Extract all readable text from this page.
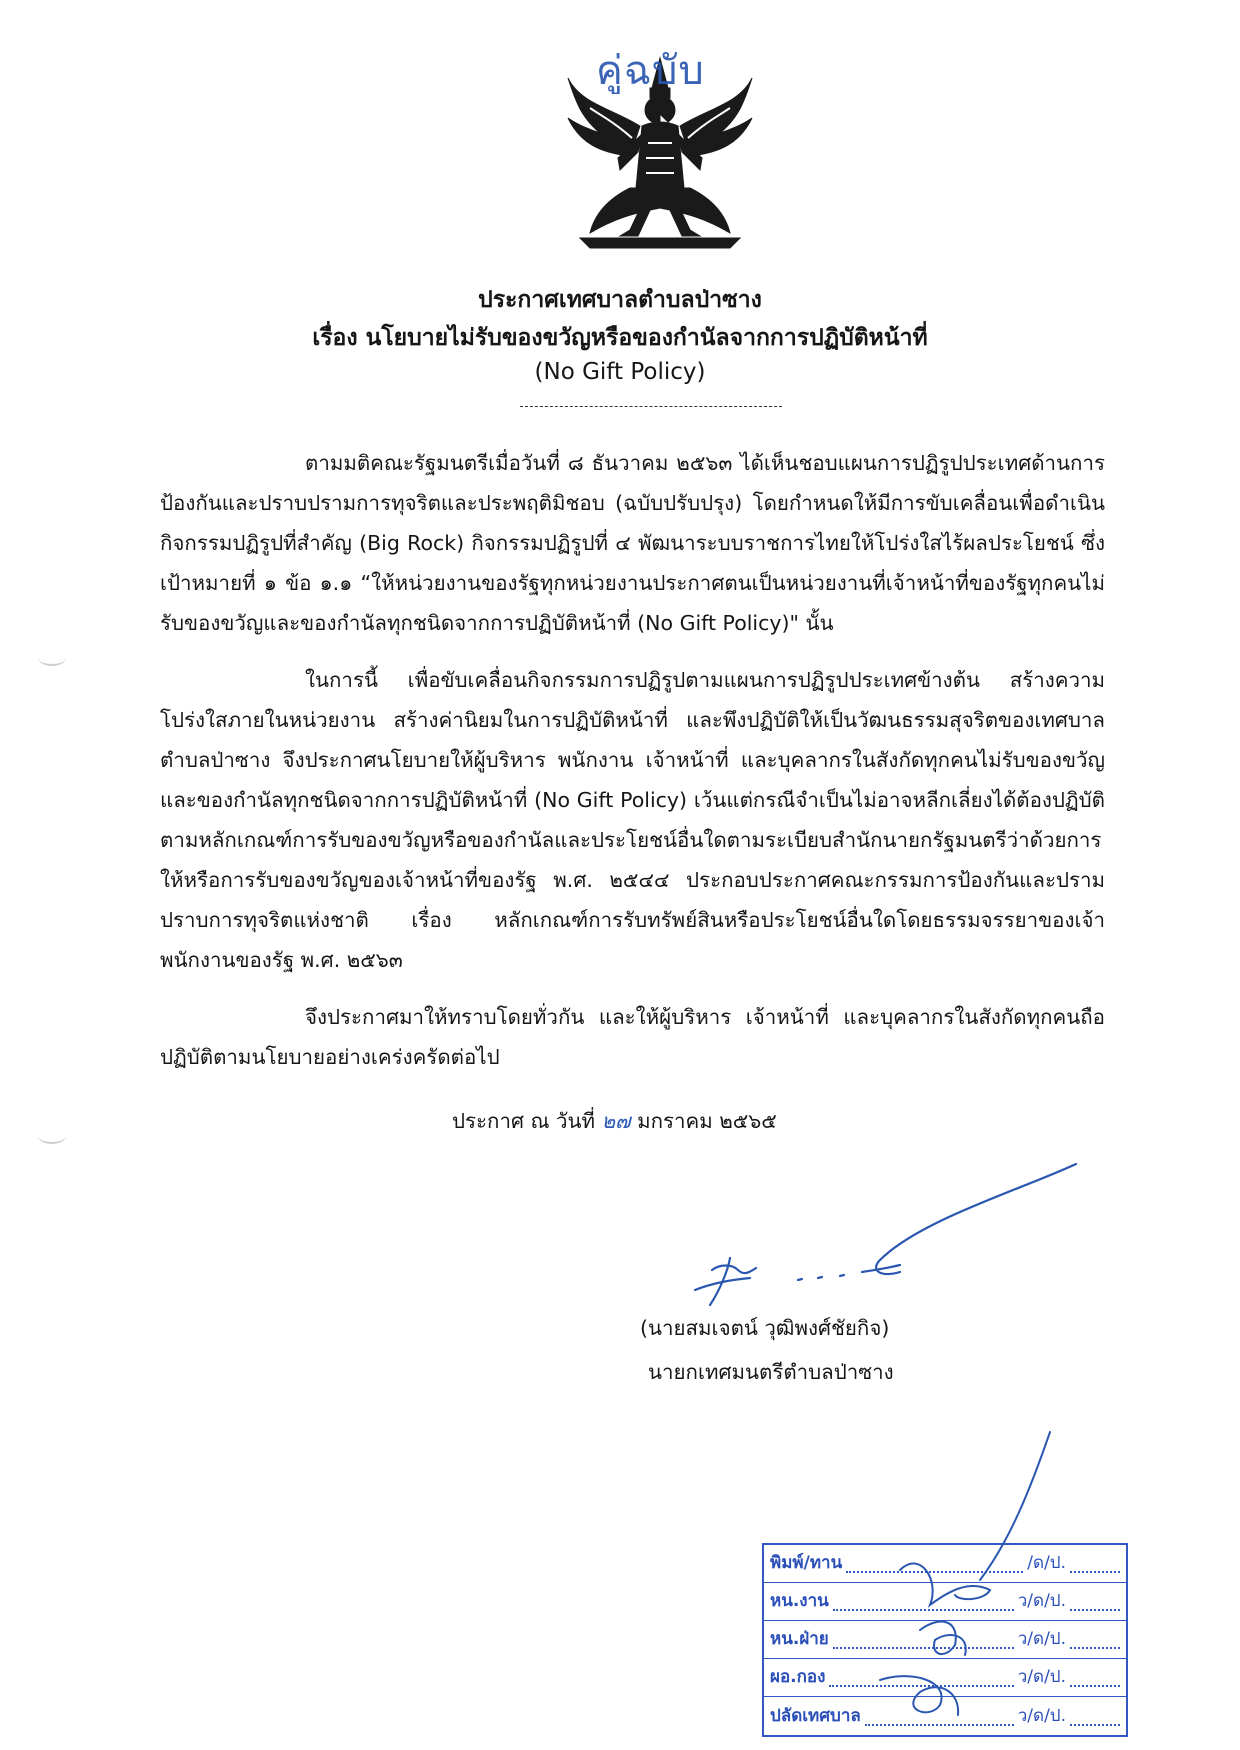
คู่ฉบับ
ประกาศเทศบาลตำบลป่าซาง
เรื่อง นโยบายไม่รับของขวัญหรือของกำนัลจากการปฏิบัติหน้าที่
(No Gift Policy)

ตามมติคณะรัฐมนตรีเมื่อวันที่ ๘ ธันวาคม ๒๕๖๓ ได้เห็นชอบแผนการปฏิรูปประเทศด้านการป้องกันและปราบปรามการทุจริตและประพฤติมิชอบ (ฉบับปรับปรุง) โดยกำหนดให้มีการขับเคลื่อนเพื่อดำเนินกิจกรรมปฏิรูปที่สำคัญ (Big Rock) กิจกรรมปฏิรูปที่ ๔ พัฒนาระบบราชการไทยให้โปร่งใสไร้ผลประโยชน์ ซึ่งเป้าหมายที่ ๑ ข้อ ๑.๑ “ให้หน่วยงานของรัฐทุกหน่วยงานประกาศตนเป็นหน่วยงานที่เจ้าหน้าที่ของรัฐทุกคนไม่รับของขวัญและของกำนัลทุกชนิดจากการปฏิบัติหน้าที่ (No Gift Policy)" นั้น

ในการนี้ เพื่อขับเคลื่อนกิจกรรมการปฏิรูปตามแผนการปฏิรูปประเทศข้างต้น สร้างความโปร่งใสภายในหน่วยงาน สร้างค่านิยมในการปฏิบัติหน้าที่ และพึงปฏิบัติให้เป็นวัฒนธรรมสุจริตของเทศบาลตำบลป่าซาง จึงประกาศนโยบายให้ผู้บริหาร พนักงาน เจ้าหน้าที่ และบุคลากรในสังกัดทุกคนไม่รับของขวัญและของกำนัลทุกชนิดจากการปฏิบัติหน้าที่ (No Gift Policy) เว้นแต่กรณีจำเป็นไม่อาจหลีกเลี่ยงได้ต้องปฏิบัติตามหลักเกณฑ์การรับของขวัญหรือของกำนัลและประโยชน์อื่นใดตามระเบียบสำนักนายกรัฐมนตรีว่าด้วยการให้หรือการรับของขวัญของเจ้าหน้าที่ของรัฐ พ.ศ. ๒๕๔๔ ประกอบประกาศคณะกรรมการป้องกันและปรามปราบการทุจริตแห่งชาติ เรื่อง หลักเกณฑ์การรับทรัพย์สินหรือประโยชน์อื่นใดโดยธรรมจรรยาของเจ้าพนักงานของรัฐ พ.ศ. ๒๕๖๓

จึงประกาศมาให้ทราบโดยทั่วกัน และให้ผู้บริหาร เจ้าหน้าที่ และบุคลากรในสังกัดทุกคนถือปฏิบัติตามนโยบายอย่างเคร่งครัดต่อไป

ประกาศ ณ วันที่ ๒๗ มกราคม ๒๕๖๕
(นายสมเจตน์ วุฒิพงศ์ชัยกิจ)
นายกเทศมนตรีตำบลป่าซาง
พิมพ์/ทาน	/ด/ป.
หน.งาน	ว/ด/ป.
หน.ฝ่าย	ว/ด/ป.
ผอ.กอง	ว/ด/ป.
ปลัดเทศบาล	ว/ด/ป.
